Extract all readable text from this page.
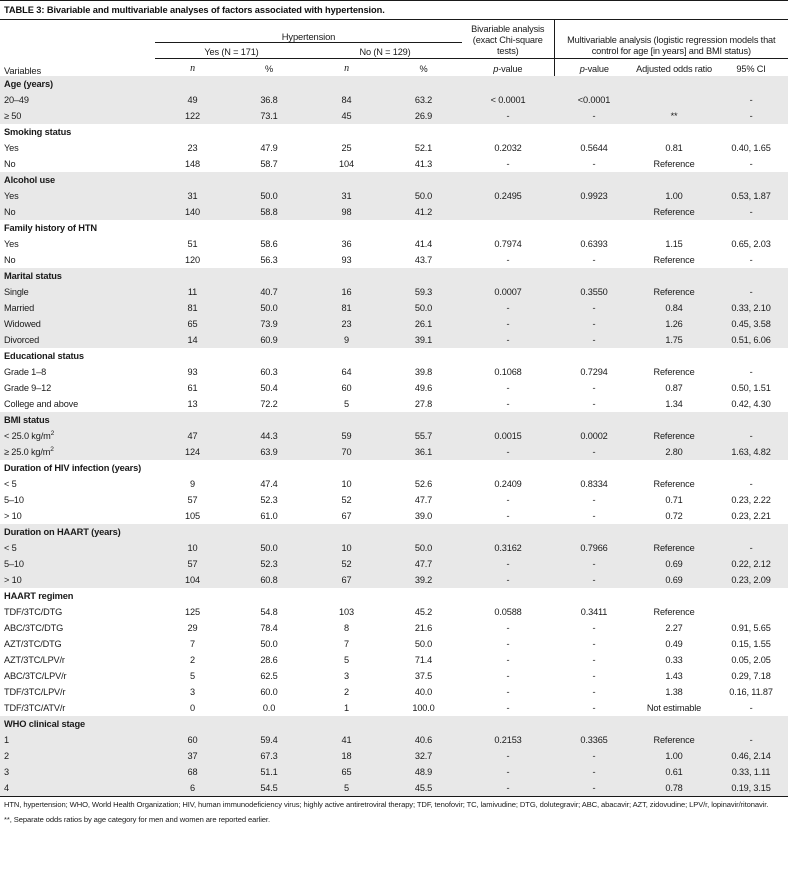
TABLE 3: Bivariable and multivariable analyses of factors associated with hypertension.
Variables	Hypertension				Bivariable analysis (exact Chi-square tests)	Multivariable analysis (logistic regression models that control for age [in years] and BMI status)		
	Yes (N = 171)		No (N = 129)					
	n	%	n	%	p-value	p-value	Adjusted odds ratio	95% CI
Age (years)								
20–49	49	36.8	84	63.2	< 0.0001	<0.0001		-
≥ 50	122	73.1	45	26.9	-	-	**	-
Smoking status								
Yes	23	47.9	25	52.1	0.2032	0.5644	0.81	0.40, 1.65
No	148	58.7	104	41.3	-	-	Reference	-
Alcohol use								
Yes	31	50.0	31	50.0	0.2495	0.9923	1.00	0.53, 1.87
No	140	58.8	98	41.2			Reference	-
Family history of HTN								
Yes	51	58.6	36	41.4	0.7974	0.6393	1.15	0.65, 2.03
No	120	56.3	93	43.7	-	-	Reference	-
Marital status								
Single	11	40.7	16	59.3	0.0007	0.3550	Reference	-
Married	81	50.0	81	50.0	-	-	0.84	0.33, 2.10
Widowed	65	73.9	23	26.1	-	-	1.26	0.45, 3.58
Divorced	14	60.9	9	39.1	-	-	1.75	0.51, 6.06
Educational status								
Grade 1–8	93	60.3	64	39.8	0.1068	0.7294	Reference	-
Grade 9–12	61	50.4	60	49.6	-	-	0.87	0.50, 1.51
College and above	13	72.2	5	27.8	-	-	1.34	0.42, 4.30
BMI status								
< 25.0 $kg/m^2$	47	44.3	59	55.7	0.0015	0.0002	Reference	-
≥ 25.0 $kg/m^2$	124	63.9	70	36.1	-	-	2.80	1.63, 4.82
Duration of HIV infection (years)								
< 5	9	47.4	10	52.6	0.2409	0.8334	Reference	-
5–10	57	52.3	52	47.7	-	-	0.71	0.23, 2.22
> 10	105	61.0	67	39.0	-	-	0.72	0.23, 2.21
Duration on HAART (years)								
< 5	10	50.0	10	50.0	0.3162	0.7966	Reference	-
5–10	57	52.3	52	47.7	-	-	0.69	0.22, 2.12
> 10	104	60.8	67	39.2	-	-	0.69	0.23, 2.09
HAART regimen								
TDF/3TC/DTG	125	54.8	103	45.2	0.0588	0.3411	Reference	
ABC/3TC/DTG	29	78.4	8	21.6	-	-	2.27	0.91, 5.65
AZT/3TC/DTG	7	50.0	7	50.0	-	-	0.49	0.15, 1.55
AZT/3TC/LPV/r	2	28.6	5	71.4	-	-	0.33	0.05, 2.05
ABC/3TC/LPV/r	5	62.5	3	37.5	-	-	1.43	0.29, 7.18
TDF/3TC/LPV/r	3	60.0	2	40.0	-	-	1.38	0.16, 11.87
TDF/3TC/ATV/r	0	0.0	1	100.0	-	-	Not estimable	-
WHO clinical stage								
1	60	59.4	41	40.6	0.2153	0.3365	Reference	-
2	37	67.3	18	32.7	-	-	1.00	0.46, 2.14
3	68	51.1	65	48.9	-	-	0.61	0.33, 1.11
4	6	54.5	5	45.5	-	-	0.78	0.19, 3.15

HTN, hypertension; WHO, World Health Organization; HIV, human immunodeficiency virus; highly active antiretroviral therapy; TDF, tenofovir; TC, lamivudine; DTG, dolutegravir; ABC, abacavir; AZT, zidovudine; LPV/r, lopinavir/ritonavir.

**, Separate odds ratios by age category for men and women are reported earlier.
